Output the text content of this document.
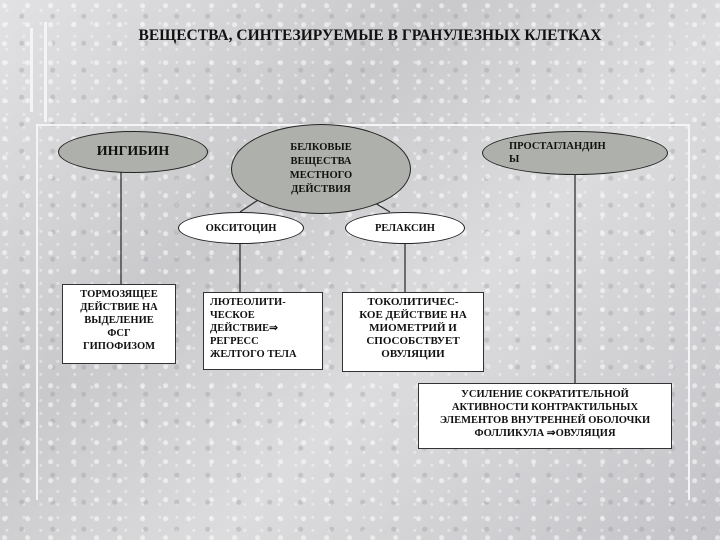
ВЕЩЕСТВА, СИНТЕЗИРУЕМЫЕ В ГРАНУЛЕЗНЫХ КЛЕТКАХ
ИНГИБИН	БЕЛКОВЫЕ
ВЕЩЕСТВА
МЕСТНОГО
ДЕЙСТВИЯ
ПРОСТАГЛАНДИН
Ы
ОКСИТОЦИН	РЕЛАКСИН
ТОРМОЗЯЩЕЕ
ДЕЙСТВИЕ НА
ВЫДЕЛЕНИЕ
ФСГ
ГИПОФИЗОМ
ЛЮТЕОЛИТИ-
ЧЕСКОЕ
ДЕЙСТВИЕ⇒
РЕГРЕСС
ЖЕЛТОГО ТЕЛА
ТОКОЛИТИЧЕС-
КОЕ ДЕЙСТВИЕ НА
МИОМЕТРИЙ И
СПОСОБСТВУЕТ
ОВУЛЯЦИИ
УСИЛЕНИЕ СОКРАТИТЕЛЬНОЙ
АКТИВНОСТИ КОНТРАКТИЛЬНЫХ
ЭЛЕМЕНТОВ ВНУТРЕННЕЙ ОБОЛОЧКИ
ФОЛЛИКУЛА ⇒ОВУЛЯЦИЯ
